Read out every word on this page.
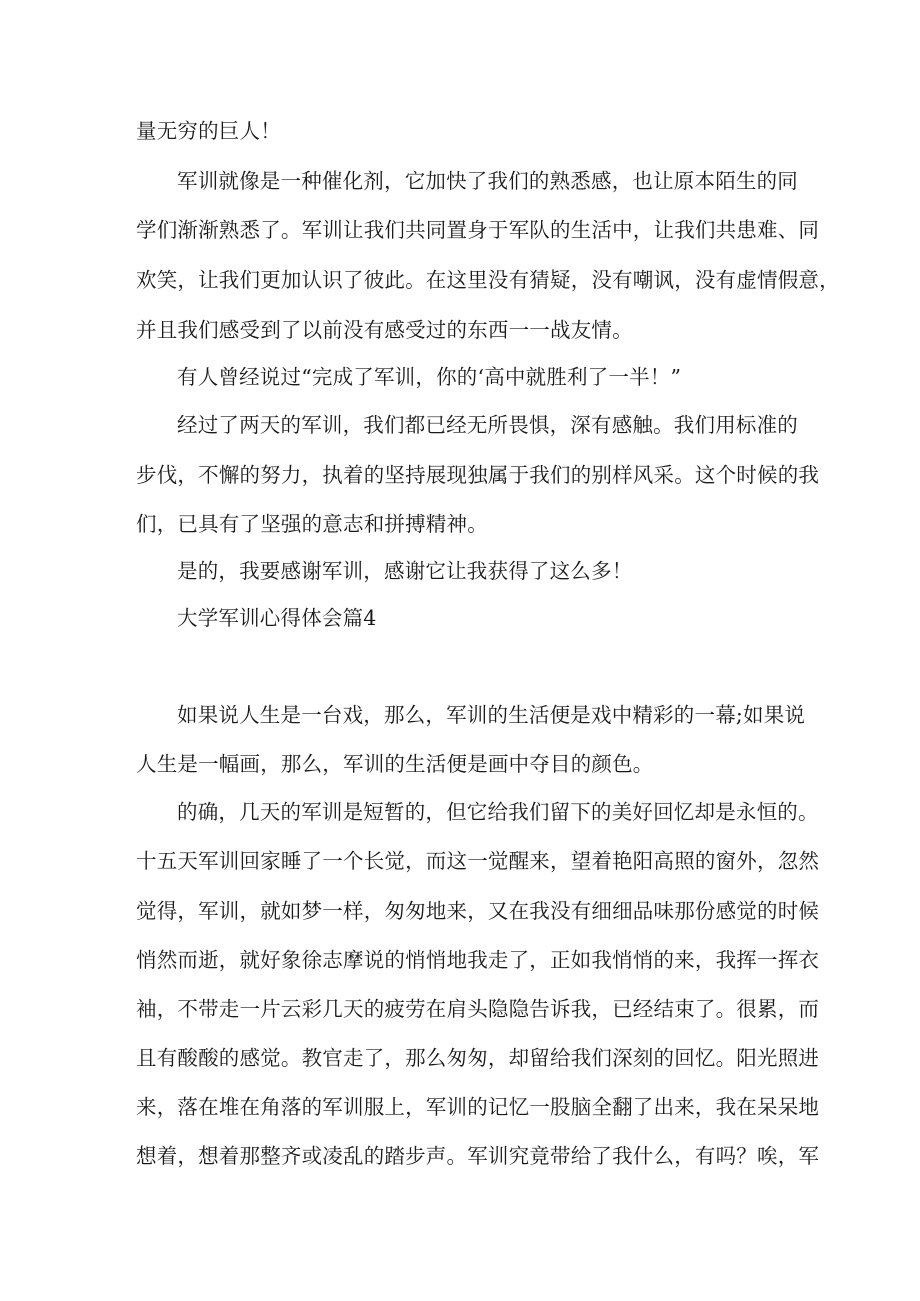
量无穷的巨人！
军训就像是一种催化剂，它加快了我们的熟悉感，也让原本陌生的同
学们渐渐熟悉了。军训让我们共同置身于军队的生活中，让我们共患难、同
欢笑，让我们更加认识了彼此。在这里没有猜疑，没有嘲讽，没有虚情假意，
并且我们感受到了以前没有感受过的东西一一战友情。
有人曾经说过“完成了军训，你的‘高中就胜利了一半！”
经过了两天的军训，我们都已经无所畏惧，深有感触。我们用标准的
步伐，不懈的努力，执着的坚持展现独属于我们的别样风采。这个时候的我
们，已具有了坚强的意志和拼搏精神。
是的，我要感谢军训，感谢它让我获得了这么多！
大学军训心得体会篇4
如果说人生是一台戏，那么，军训的生活便是戏中精彩的一幕;如果说
人生是一幅画，那么，军训的生活便是画中夺目的颜色。
的确，几天的军训是短暂的，但它给我们留下的美好回忆却是永恒的。
十五天军训回家睡了一个长觉，而这一觉醒来，望着艳阳高照的窗外，忽然
觉得，军训，就如梦一样，匆匆地来，又在我没有细细品味那份感觉的时候
悄然而逝，就好象徐志摩说的悄悄地我走了，正如我悄悄的来，我挥一挥衣
袖，不带走一片云彩几天的疲劳在肩头隐隐告诉我，已经结束了。很累，而
且有酸酸的感觉。教官走了，那么匆匆，却留给我们深刻的回忆。阳光照进
来，落在堆在角落的军训服上，军训的记忆一股脑全翻了出来，我在呆呆地
想着，想着那整齐或凌乱的踏步声。军训究竟带给了我什么，有吗？唉，军
